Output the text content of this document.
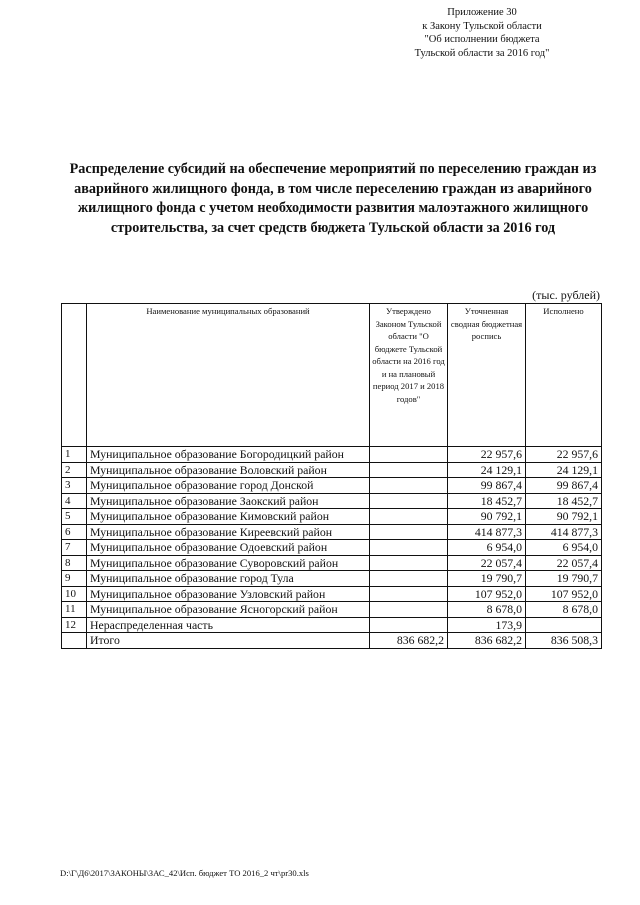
Приложение 30
к Закону Тульской области
"Об исполнении бюджета
Тульской области за 2016 год"
Распределение субсидий на обеспечение мероприятий по переселению граждан из аварийного жилищного фонда, в том числе переселению граждан из аварийного жилищного фонда с учетом необходимости развития малоэтажного жилищного строительства, за счет средств бюджета Тульской области за 2016 год
(тыс. рублей)
	Наименование муниципальных образований	Утверждено Законом Тульской области "О бюджете Тульской области на 2016 год и на плановый период 2017 и 2018 годов"	Уточненная сводная бюджетная роспись	Исполнено
1	Муниципальное образование Богородицкий район		22 957,6	22 957,6
2	Муниципальное образование Воловский район		24 129,1	24 129,1
3	Муниципальное образование город Донской		99 867,4	99 867,4
4	Муниципальное образование Заокский район		18 452,7	18 452,7
5	Муниципальное образование Кимовский район		90 792,1	90 792,1
6	Муниципальное образование Киреевский район		414 877,3	414 877,3
7	Муниципальное образование Одоевский район		6 954,0	6 954,0
8	Муниципальное образование Суворовский район		22 057,4	22 057,4
9	Муниципальное образование город Тула		19 790,7	19 790,7
10	Муниципальное образование Узловский район		107 952,0	107 952,0
11	Муниципальное образование Ясногорский район		8 678,0	8 678,0
12	Нераспределенная часть		173,9	
	Итого	836 682,2	836 682,2	836 508,3
D:\Г\Д6\2017\ЗАКОНЫ\ЗАС_42\Исп. бюджет ТО 2016_2 чт\pr30.xls
